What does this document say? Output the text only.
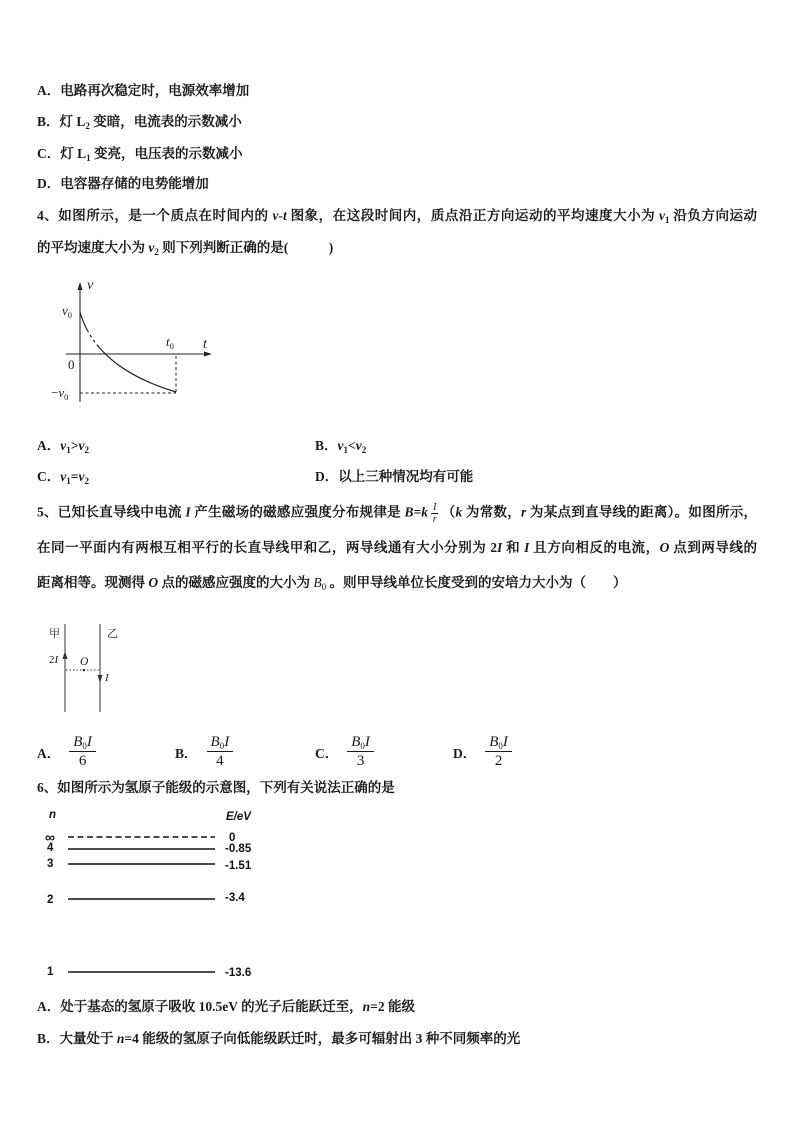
A．电路再次稳定时，电源效率增加
B．灯 $L_2$ 变暗，电流表的示数减小
C．灯 $L_1$ 变亮，电压表的示数减小
D．电容器存储的电势能增加
4、如图所示，是一个质点在时间内的 v-t 图象，在这段时间内，质点沿正方向运动的平均速度大小为 $v_1$ 沿负方向运动
的平均速度大小为 $v_2$ 则下列判断正确的是(　　　)
v
$v_0$
$t_0$ t
0
$-v_0$
A．$v_1>v_2$	B．$v_1<v_2$
C．$v_1=v_2$	D．以上三种情况均有可能
5、已知长直导线中电流 I 产生磁场的磁感应强度分布规律是 $B=k \frac{I}{r} (k$ 为常数，r 为某点到直导线的距离）。如图所示，
在同一平面内有两根互相平行的长直导线甲和乙，两导线通有大小分别为 2I 和 I 且方向相反的电流，O 点到两导线的
距离相等。现测得 O 点的磁感应强度的大小为 $B_0$ 。则甲导线单位长度受到的安培力大小为（　　）
甲	乙
2I O
I
A． $\frac{B_0I}{6}$	B． $\frac{B_0I}{4}$	C． $\frac{B_0I}{3}$	D． $\frac{B_0I}{2}$
6、如图所示为氢原子能级的示意图，下列有关说法正确的是
n	E/eV
∞	0
4	-0.85
3	-1.51
2	-3.4
1	-13.6
A．处于基态的氢原子吸收 10.5eV 的光子后能跃迁至，n=2 能级
B．大量处于 n=4 能级的氢原子向低能级跃迁时，最多可辐射出 3 种不同频率的光
